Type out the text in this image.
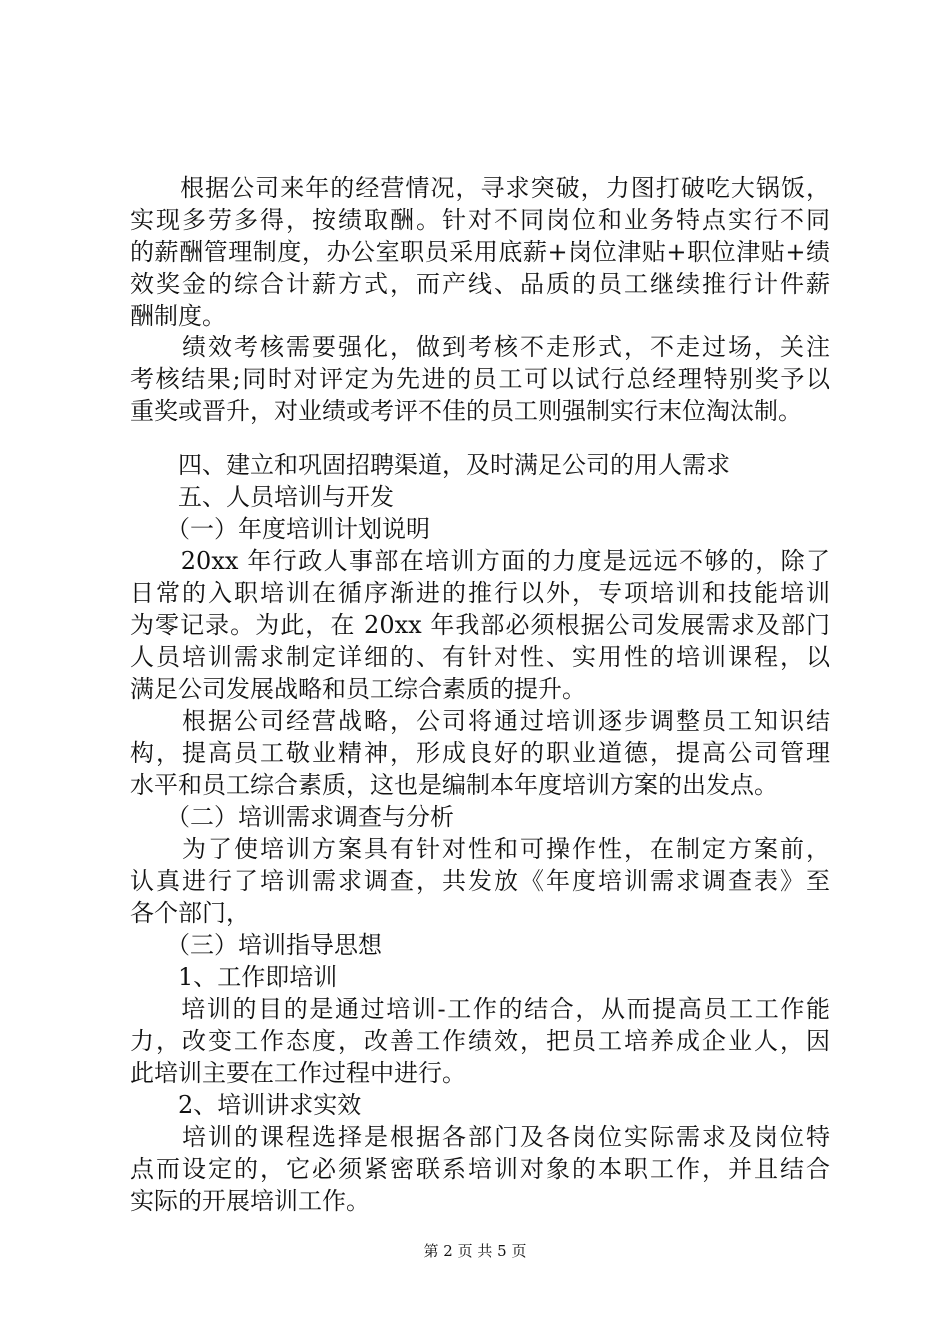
　　根据公司来年的经营情况，寻求突破，力图打破吃大锅饭，
实现多劳多得，按绩取酬。针对不同岗位和业务特点实行不同
的薪酬管理制度，办公室职员采用底薪+岗位津贴+职位津贴+绩
效奖金的综合计薪方式，而产线、品质的员工继续推行计件薪
酬制度。
　　绩效考核需要强化，做到考核不走形式，不走过场，关注
考核结果;同时对评定为先进的员工可以试行总经理特别奖予以
重奖或晋升，对业绩或考评不佳的员工则强制实行末位淘汰制。
　　四、建立和巩固招聘渠道，及时满足公司的用人需求
　　五、人员培训与开发
　　（一）年度培训计划说明
　　20xx 年行政人事部在培训方面的力度是远远不够的，除了
日常的入职培训在循序渐进的推行以外，专项培训和技能培训
为零记录。为此，在 20xx 年我部必须根据公司发展需求及部门
人员培训需求制定详细的、有针对性、实用性的培训课程，以
满足公司发展战略和员工综合素质的提升。
　　根据公司经营战略，公司将通过培训逐步调整员工知识结
构，提高员工敬业精神，形成良好的职业道德，提高公司管理
水平和员工综合素质，这也是编制本年度培训方案的出发点。
　　（二）培训需求调查与分析
　　为了使培训方案具有针对性和可操作性，在制定方案前，
认真进行了培训需求调查，共发放《年度培训需求调查表》至
各个部门，
　　（三）培训指导思想
　　1、工作即培训
　　培训的目的是通过培训-工作的结合，从而提高员工工作能
力，改变工作态度，改善工作绩效，把员工培养成企业人，因
此培训主要在工作过程中进行。
　　2、培训讲求实效
　　培训的课程选择是根据各部门及各岗位实际需求及岗位特
点而设定的，它必须紧密联系培训对象的本职工作，并且结合
实际的开展培训工作。
第 2 页 共 5 页
